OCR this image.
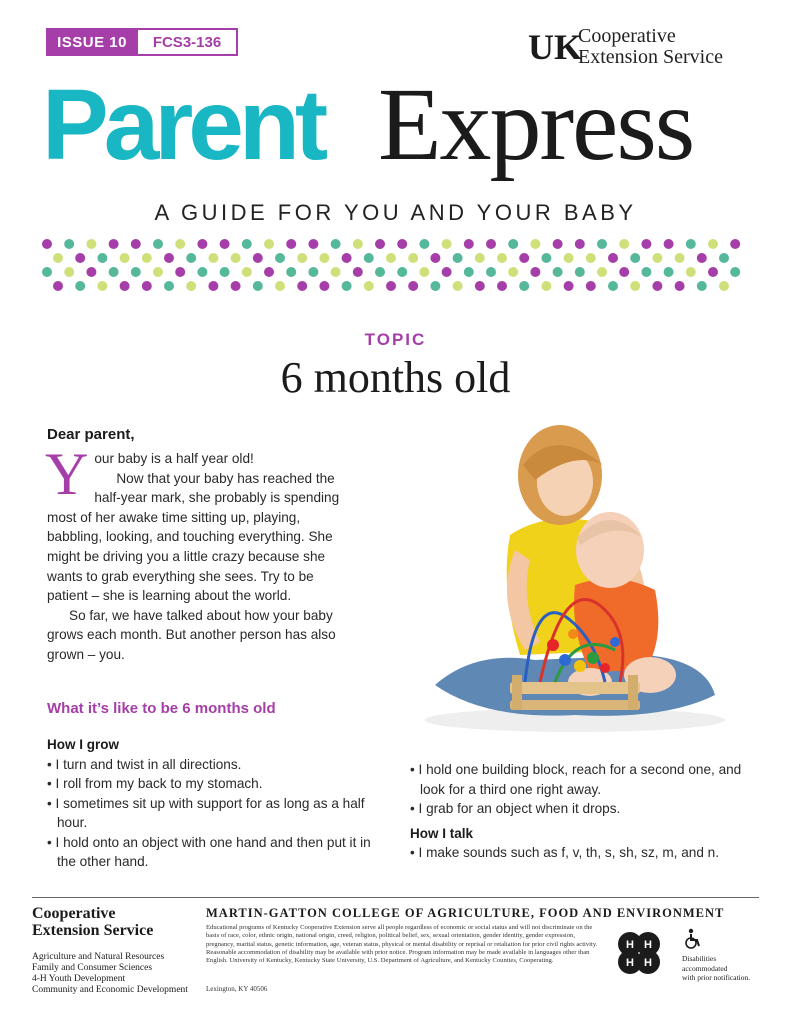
ISSUE 10	FCS3-136	UK
Cooperative
Extension Service
Parent Express
A GUIDE FOR YOU AND YOUR BABY
TOPIC
6 months old
Dear parent,

Your baby is a half year old!

Now that your baby has reached the half-year mark, she probably is spending most of her awake time sitting up, playing, babbling, looking, and touching everything. She might be driving you a little crazy because she wants to grab everything she sees. Try to be patient – she is learning about the world.

So far, we have talked about how your baby grows each month. But another person has also grown – you.

What it’s like to be 6 months old
How I grow
• I turn and twist in all directions.
• I roll from my back to my stomach.
• I sometimes sit up with support for as long as a half hour.
• I hold onto an object with one hand and then put it in the other hand.
• I hold one building block, reach for a second one, and look for a third one right away.
• I grab for an object when it drops.
How I talk
• I make sounds such as f, v, th, s, sh, sz, m, and n.
Cooperative
Extension Service
Agriculture and Natural Resources
Family and Consumer Sciences
4-H Youth Development
Community and Economic Development
MARTIN-GATTON COLLEGE OF AGRICULTURE, FOOD AND ENVIRONMENT
Educational programs of Kentucky Cooperative Extension serve all people regardless of economic or social status and will not discriminate on the basis of race, color, ethnic origin, national origin, creed, religion, political belief, sex, sexual orientation, gender identity, gender expression, pregnancy, marital status, genetic information, age, veteran status, physical or mental disability or reprisal or retaliation for prior civil rights activity. Reasonable accommodation of disability may be available with prior notice. Program information may be made available in languages other than English. University of Kentucky, Kentucky State University, U.S. Department of Agriculture, and Kentucky Counties, Cooperating.
Lexington, KY 40506
H H
H H	Disabilities
accommodated
with prior notification.
